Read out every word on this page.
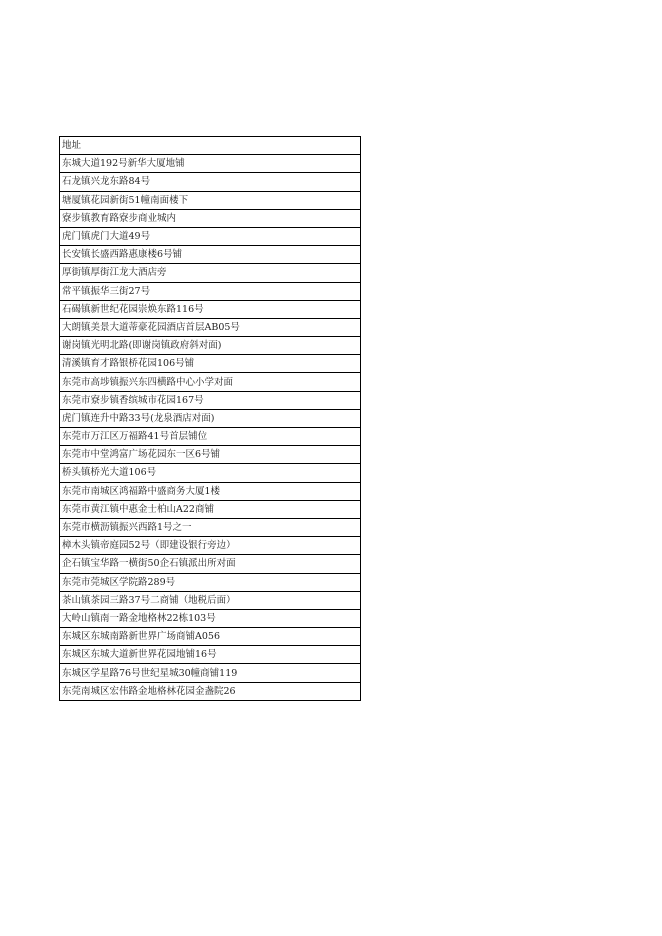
地址
东城大道192号新华大厦地铺
石龙镇兴龙东路84号
塘厦镇花园新街51幢南面楼下
寮步镇教育路寮步商业城内
虎门镇虎门大道49号
长安镇长盛西路惠康楼6号铺
厚街镇厚街江龙大酒店旁
常平镇振华三街27号
石碣镇新世纪花园崇焕东路116号
大朗镇美景大道蒂豪花园酒店首层AB05号
谢岗镇光明北路(即谢岗镇政府斜对面)
清溪镇育才路银桥花园106号铺
东莞市高埗镇振兴东四横路中心小学对面
东莞市寮步镇香缤城市花园167号
虎门镇连升中路33号(龙泉酒店对面)
东莞市万江区万福路41号首层铺位
东莞市中堂鸿富广场花园东一区6号铺
桥头镇桥光大道106号
东莞市南城区鸿福路中盛商务大厦1楼
东莞市黄江镇中惠金士柏山A22商铺
东莞市横沥镇振兴西路1号之一
樟木头镇帝庭园52号（即建设银行旁边）
企石镇宝华路一横街50企石镇派出所对面
东莞市莞城区学院路289号
茶山镇茶园三路37号二商铺（地税后面）
大岭山镇南一路金地格林22栋103号
东城区东城南路新世界广场商铺A056
东城区东城大道新世界花园地铺16号
东城区学星路76号世纪星城30幢商铺119
东莞南城区宏伟路金地格林花园金盏院26
